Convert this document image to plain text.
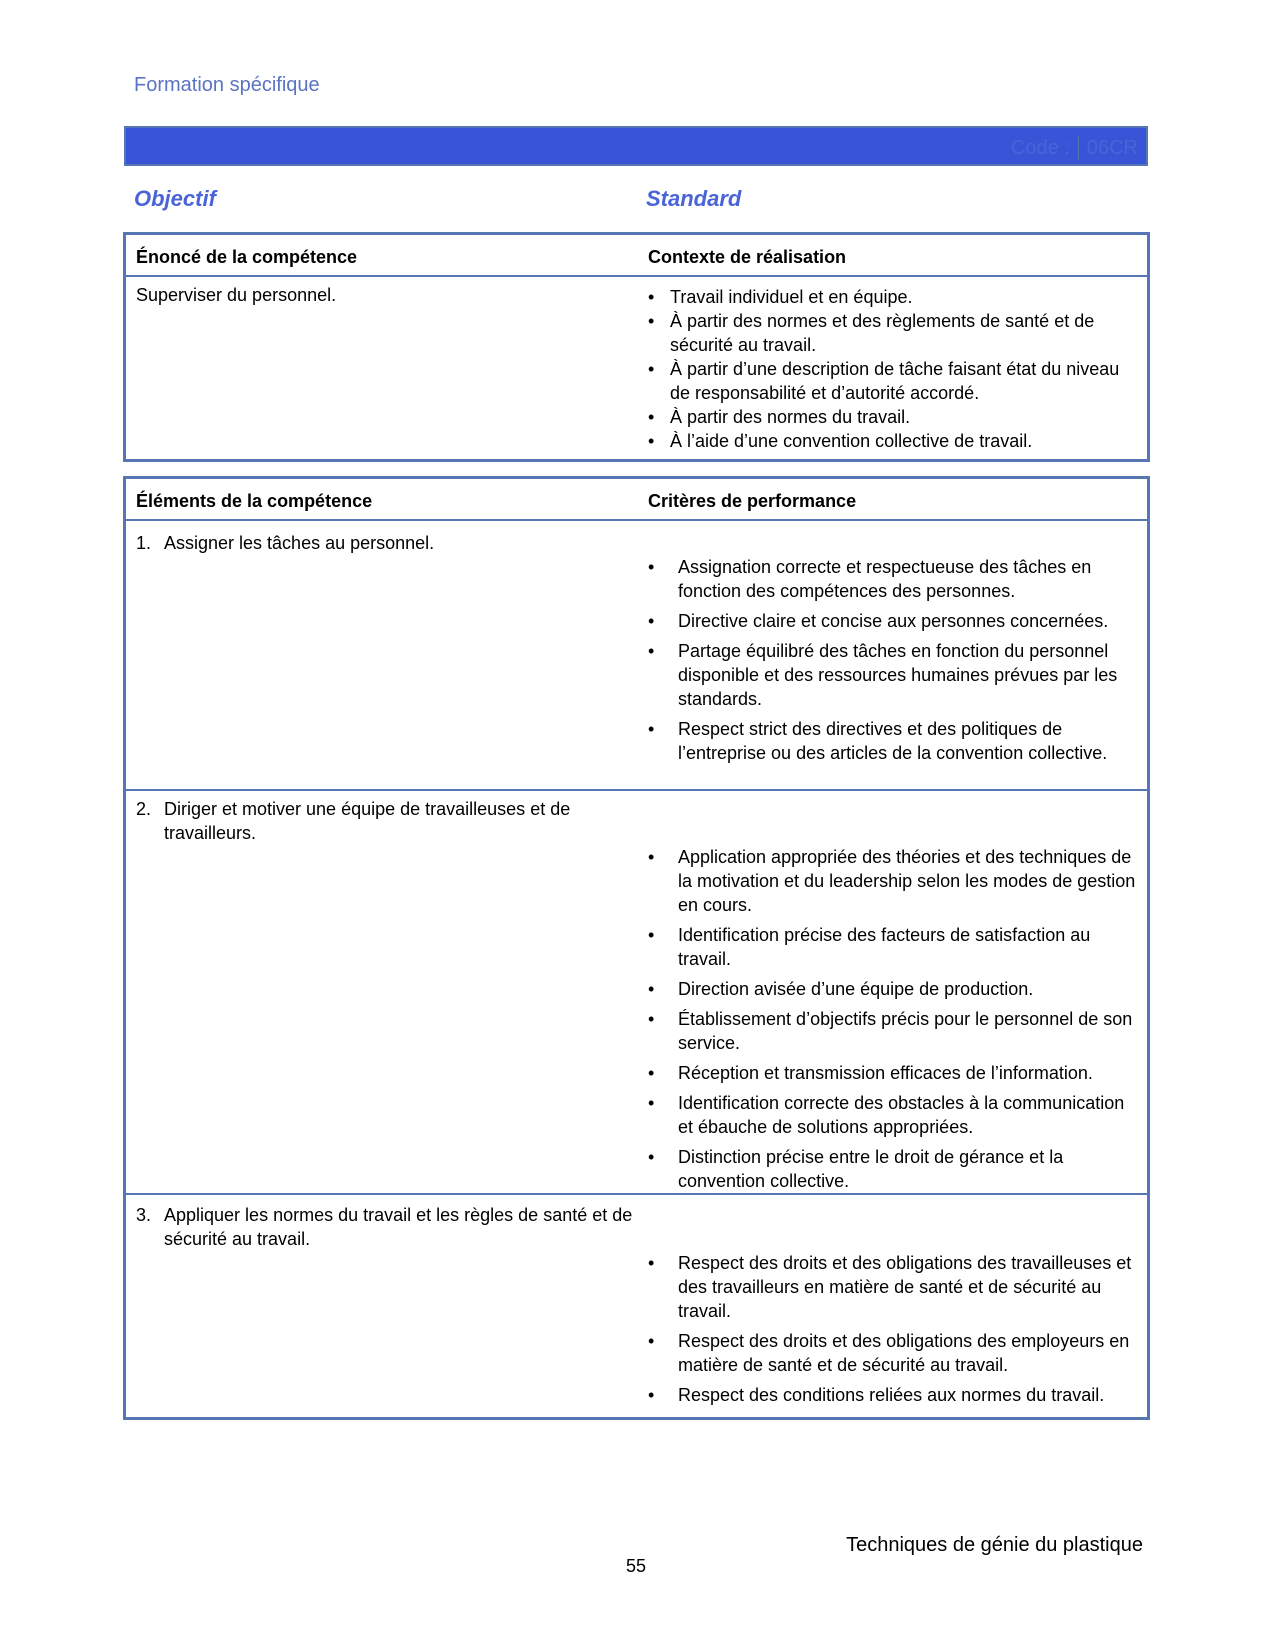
Formation spécifique
Code : 06CR
Objectif	Standard
Énoncé de la compétence	Contexte de réalisation
Superviser du personnel.
•	Travail individuel et en équipe.
• À partir des normes et des règlements de santé et de sécurité au travail.
• À partir d’une description de tâche faisant état du niveau de responsabilité et d’autorité accordé.
• À partir des normes du travail.
• À l’aide d’une convention collective de travail.
Éléments de la compétence	Critères de performance
1. Assigner les tâches au personnel.
• Assignation correcte et respectueuse des tâches en fonction des compétences des personnes.
• Directive claire et concise aux personnes concernées.
• Partage équilibré des tâches en fonction du personnel disponible et des ressources humaines prévues par les standards.
• Respect strict des directives et des politiques de l’entreprise ou des articles de la convention collective.
2. Diriger et motiver une équipe de travailleuses et de travailleurs.
• Application appropriée des théories et des techniques de la motivation et du leadership selon les modes de gestion en cours.
• Identification précise des facteurs de satisfaction au travail.
• Direction avisée d’une équipe de production.
• Établissement d’objectifs précis pour le personnel de son service.
• Réception et transmission efficaces de l’information.
• Identification correcte des obstacles à la communication et ébauche de solutions appropriées.
• Distinction précise entre le droit de gérance et la convention collective.
3. Appliquer les normes du travail et les règles de santé et de sécurité au travail.
• Respect des droits et des obligations des travailleuses et des travailleurs en matière de santé et de sécurité au travail.
• Respect des droits et des obligations des employeurs en matière de santé et de sécurité au travail.
• Respect des conditions reliées aux normes du travail.
Techniques de génie du plastique
55
